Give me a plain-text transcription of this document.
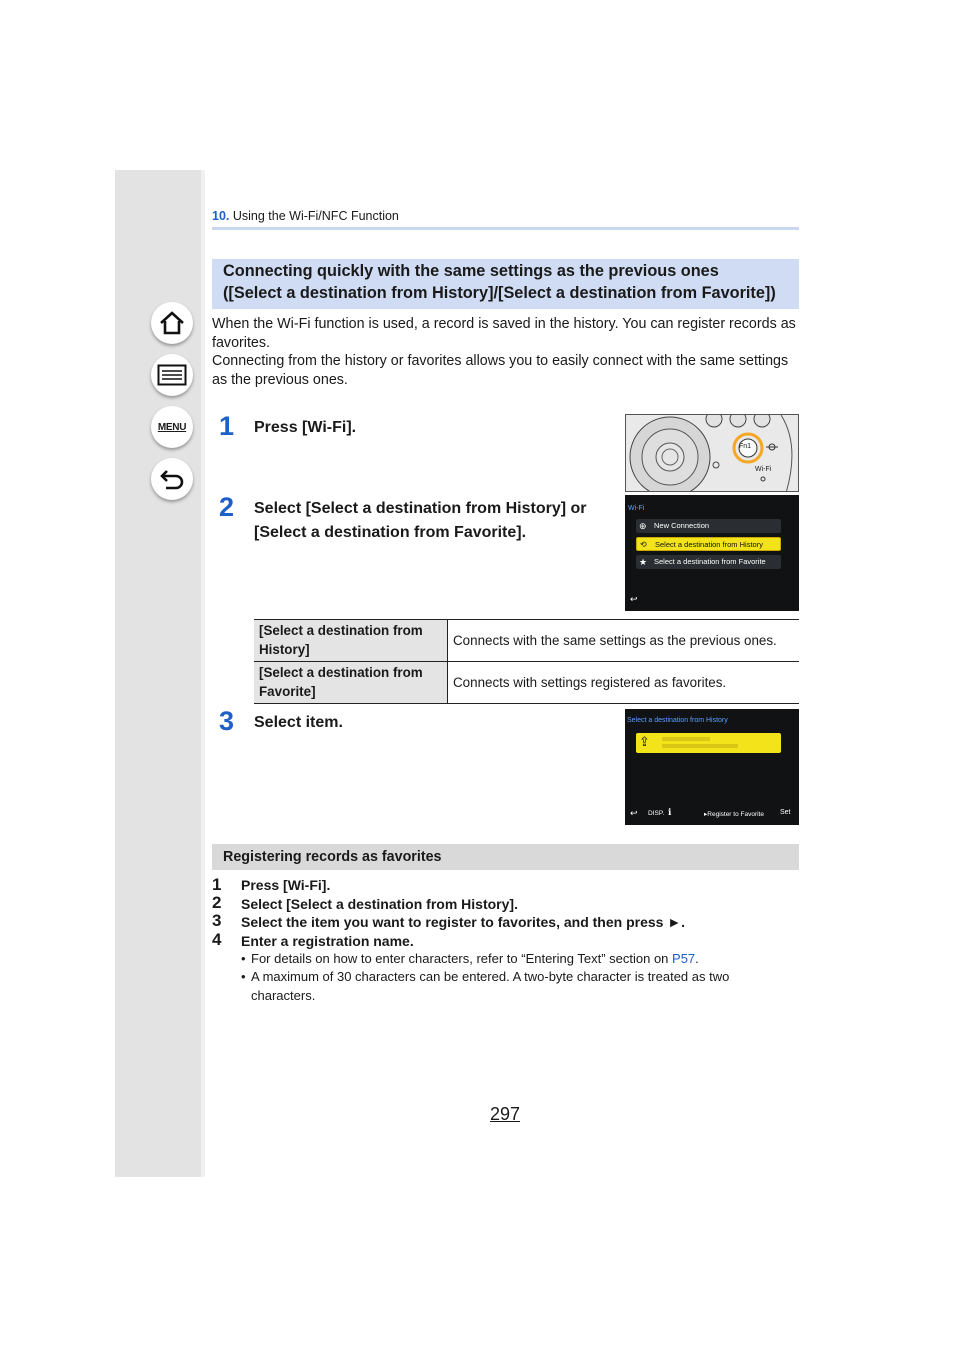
MENU
10. Using the Wi-Fi/NFC Function
Connecting quickly with the same settings as the previous ones
([Select a destination from History]/[Select a destination from Favorite])
When the Wi-Fi function is used, a record is saved in the history. You can register records as favorites.
Connecting from the history or favorites allows you to easily connect with the same settings as the previous ones.
1 Press [Wi-Fi].
Fn1
Wi-Fi
2 Select [Select a destination from History] or [Select a destination from Favorite].
Wi-Fi
⊕ New Connection
⟲ Select a destination from History
★ Select a destination from Favorite
↩
[Select a destination from History]	Connects with the same settings as the previous ones.
[Select a destination from Favorite]	Connects with settings registered as favorites.
3 Select item.	Select a destination from History
⇪
↩ DISP. ℹ	▸Register to Favorite Set
Registering records as favorites
1 Press [Wi-Fi].
2 Select [Select a destination from History].
3 Select the item you want to register to favorites, and then press ►.
4 Enter a registration name.
• For details on how to enter characters, refer to “Entering Text” section on P57.
• A maximum of 30 characters can be entered. A two-byte character is treated as two characters.
297
